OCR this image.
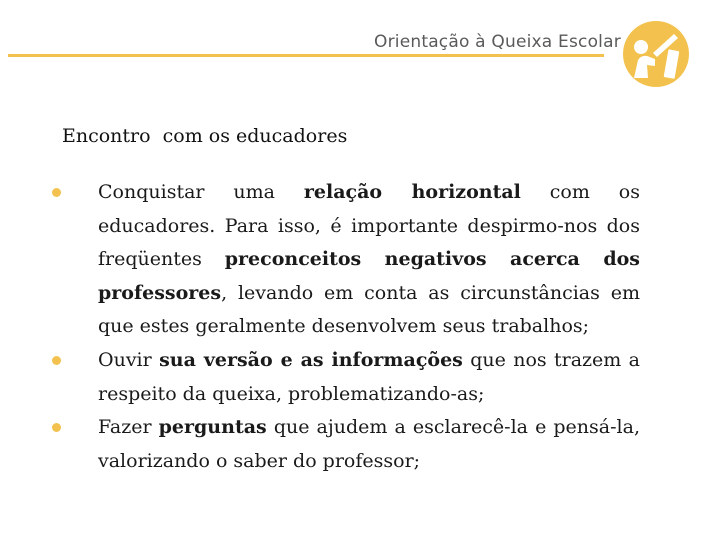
Orientação à Queixa Escolar
Encontro  com os educadores
Conquistar uma relação horizontal com os educadores. Para isso, é importante despirmo-nos dos freqüentes preconceitos negativos acerca dos professores, levando em conta as circunstâncias em que estes geralmente desenvolvem seus trabalhos;
Ouvir sua versão e as informações que nos trazem a respeito da queixa, problematizando-as;
Fazer perguntas que ajudem a esclarecê-la e pensá-la, valorizando o saber do professor;
